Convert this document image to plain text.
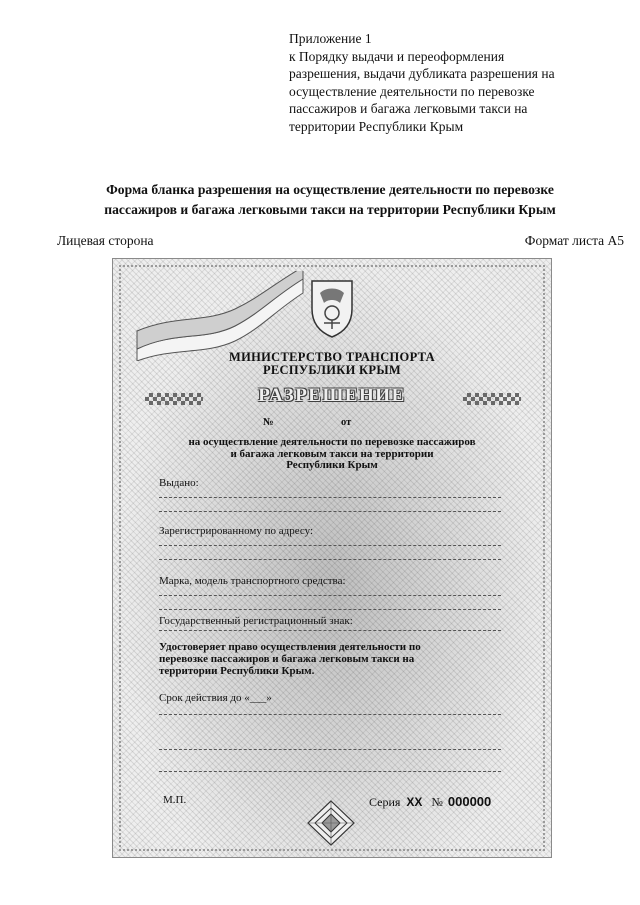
Приложение 1
к Порядку выдачи и переоформления
разрешения, выдачи дубликата разрешения на
осуществление деятельности по перевозке
пассажиров и багажа легковыми такси на
территории Республики Крым
Форма бланка разрешения на осуществление деятельности по перевозке
пассажиров и багажа легковыми такси на территории Республики Крым
Лицевая сторона	Формат листа А5
МИНИСТЕРСТВО ТРАНСПОРТА
РЕСПУБЛИКИ КРЫМ
РАЗРЕШЕНИЕ
№	от
на осуществление деятельности по перевозке пассажиров
и багажа легковым такси на территории
Республики Крым
Выдано:
Зарегистрированному по адресу:
Марка, модель транспортного средства:
Государственный регистрационный знак:
Удостоверяет право осуществления деятельности по
перевозке пассажиров и багажа легковым такси на
территории Республики Крым.
Срок действия до «___»
М.П.	Серия XX № 000000
